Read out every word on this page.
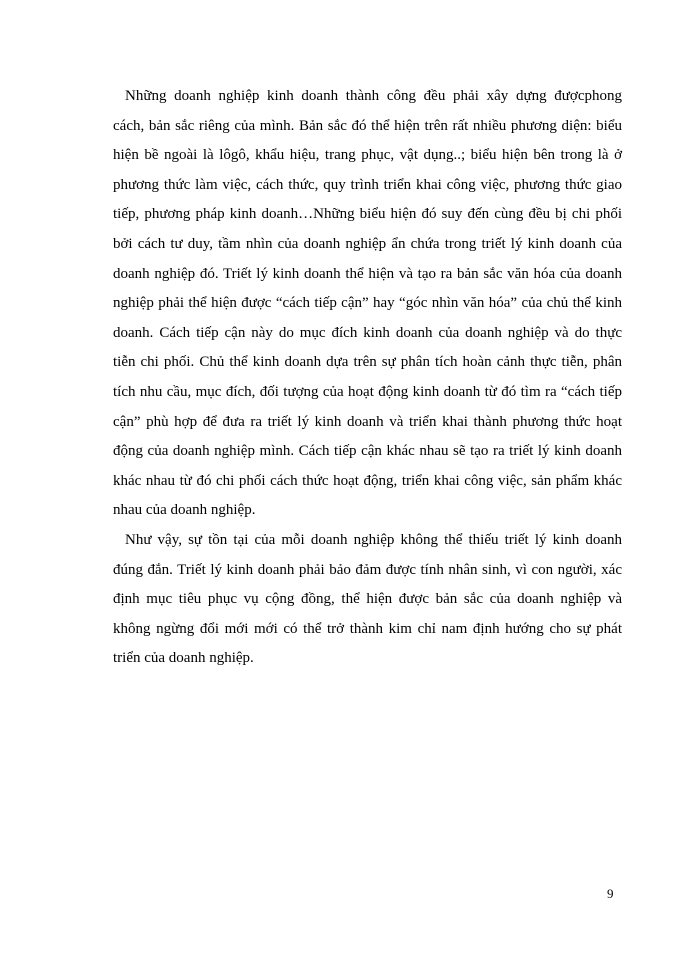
Những doanh nghiệp kinh doanh thành công đều phải xây dựng đượcphong
cách, bản sắc riêng của mình. Bản sắc đó thể hiện trên rất nhiều phương diện: biểu
hiện bề ngoài là lôgô, khẩu hiệu, trang phục, vật dụng..; biểu hiện bên trong là ở
phương thức làm việc, cách thức, quy trình triển khai công việc, phương thức giao
tiếp, phương pháp kinh doanh…Những biểu hiện đó suy đến cùng đều bị chi phối
bởi cách tư duy, tầm nhìn của doanh nghiệp ẩn chứa trong triết lý kinh doanh của
doanh nghiệp đó. Triết lý kinh doanh thể hiện và tạo ra bản sắc văn hóa của doanh
nghiệp phải thể hiện được “cách tiếp cận” hay “góc nhìn văn hóa” của chủ thể kinh
doanh. Cách tiếp cận này do mục đích kinh doanh của doanh nghiệp và do thực
tiễn chi phối. Chủ thể kinh doanh dựa trên sự phân tích hoàn cảnh thực tiễn, phân
tích nhu cầu, mục đích, đối tượng của hoạt động kinh doanh từ đó tìm ra “cách tiếp
cận” phù hợp để đưa ra triết lý kinh doanh và triển khai thành phương thức hoạt
động của doanh nghiệp mình. Cách tiếp cận khác nhau sẽ tạo ra triết lý kinh doanh
khác nhau từ đó chi phối cách thức hoạt động, triển khai công việc, sản phẩm khác
nhau của doanh nghiệp.

Như vậy, sự tồn tại của mỗi doanh nghiệp không thể thiếu triết lý kinh doanh
đúng đắn. Triết lý kinh doanh phải bảo đảm được tính nhân sinh, vì con người, xác
định mục tiêu phục vụ cộng đồng, thể hiện được bản sắc của doanh nghiệp và
không ngừng đổi mới mới có thể trở thành kim chỉ nam định hướng cho sự phát
triển của doanh nghiệp.

9
